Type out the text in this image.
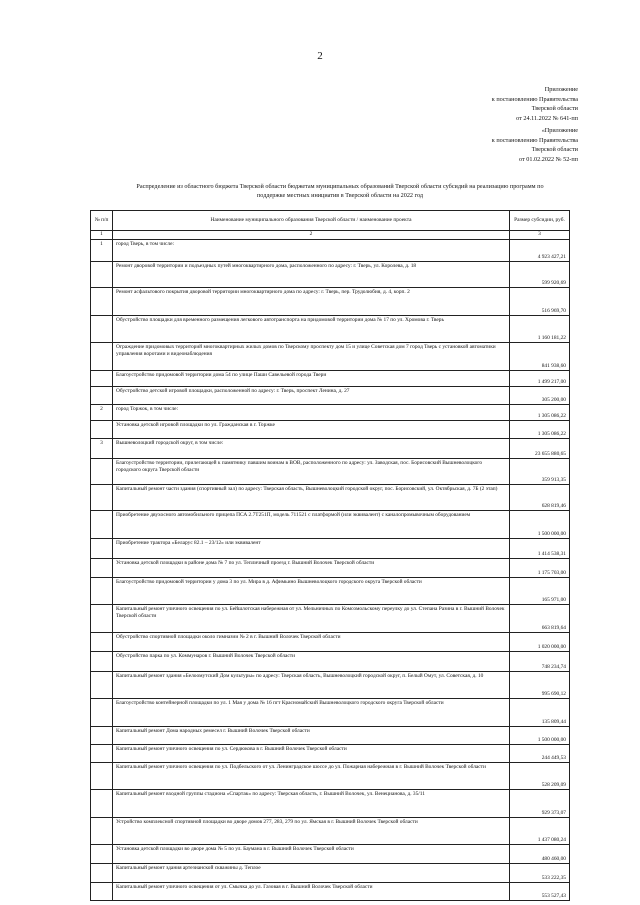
2
Приложение
к постановлению Правительства
Тверской области
от 24.11.2022 № 641-пп
«Приложение
к постановлению Правительства
Тверской области
от 01.02.2022 № 52-пп
Распределение из областного бюджета Тверской области бюджетам муниципальных образований Тверской области субсидий на реализацию программ по
поддержке местных инициатив в Тверской области на 2022 год
№ п/п	Наименование муниципального образования Тверской области / наименование проекта	Размер субсидии, руб.
1	2	3
1	город Тверь, в том числе:	4 923 427,21
	Ремонт дворовой территории и подъездных путей многоквартирного дома, расположенного по адресу: г. Тверь, ул. Королева, д. 18	599 920,69
	Ремонт асфальтового покрытия дворовой территории многоквартирного дома по адресу: г. Тверь, пер. Трудолюбия, д. 4, корп. 2	516 969,70
	Обустройство площадки для временного размещения легкового автотранспорта на придомовой территории дома № 17 по ул. Хромова г. Тверь	1 160 181,22
	Ограждение придомовых территорий многоквартирных жилых домов по Тверскому проспекту дом 15 и улице Советская дом 7 город Тверь с установкой автоматики управления воротами и видеонаблюдения	841 938,60
	Благоустройство придомовой территории дома 54 по улице Паши Савельевой города Твери	1 499 217,00
	Обустройство детской игровой площадки, расположенной по адресу: г. Тверь, проспект Ленина, д. 27	305 200,00
2	город Торжок, в том числе:	1 305 086,22
	Установка детской игровой площадки по ул. Гражданская в г. Торжке	1 305 086,22
3	Вышневолоцкий городской округ, в том числе:	23 655 880,65
	Благоустройство территории, прилегающей к памятнику павшим воинам в ВОВ, расположенного по адресу: ул. Заводская, пос. Борисовский Вышневолоцкого городского округа Тверской области	359 913,35
	Капитальный ремонт части здания (спортивный зал) по адресу: Тверская область, Вышневолоцкий городской округ, пос. Борисовский, ул. Октябрьская, д. 7Б (2 этап)	628 819,46
	Приобретение двухосного автомобильного прицепа ПСА 2.7Т251П, модель 711521 с платформой (или эквивалент) с каналопромывочным оборудованием	1 500 000,00
	Приобретение трактора «Беларус 82.1 – 23/12» или эквивалент	1 414 538,31
	Установка детской площадки в районе дома № 7 по ул. Тепличный проезд г. Вышний Волочек Тверской области	1 175 703,00
	Благоустройство придомовой территории у дома 3 по ул. Мира в д. Афимьино Вышневолоцкого городского округа Тверской области	165 971,00
	Капитальный ремонт уличного освещения по ул. Бейшлотская набережная от ул. Мельничных по Комсомольскому переулку до ул. Степана Разина в г. Вышний Волочек Тверской области	663 819,64
	Обустройство спортивной площадки около гимназии № 2 в г. Вышний Волочек Тверской области	1 020 000,00
	Обустройство парка по ул. Коммунаров г. Вышний Волочек Тверской области	748 234,74
	Капитальный ремонт здания «Белоомутский Дом культуры» по адресу: Тверская область, Вышневолоцкий городской округ, п. Белый Омут, ул. Советская, д. 10	995 690,12
	Благоустройство контейнерной площадки по ул. 1 Мая у дома № 16 пгт Красномайский Вышневолоцкого городского округа Тверской области	135 809,44
	Капитальный ремонт Дома народных ремесел г. Вышний Волочек Тверской области	1 500 000,00
	Капитальный ремонт уличного освещения по ул. Сердюкова в г. Вышний Волочек Тверской области	244 449,53
	Капитальный ремонт уличного освещения по ул. Подбельского от ул. Ленинградское шоссе до ул. Пожарная набережная в г. Вышний Волочек Тверской области	528 209,09
	Капитальный ремонт входной группы стадиона «Спартак» по адресу: Тверская область, г. Вышний Волочек, ул. Венецианова, д. 35/11	929 373,07
	Устройство комплексной спортивной площадки во дворе домов 277, 283, 279 по ул. Ямская в г. Вышний Волочек Тверской области	1 437 080,24
	Установка детской площадки во дворе дома № 5 по ул. Баумана в г. Вышний Волочек Тверской области	480 460,00
	Капитальный ремонт здания артезианской скважины д. Теплое	533 222,35
	Капитальный ремонт уличного освещения от ул. Смычка до ул. Газовая в г. Вышний Волочек Тверской области	553 527,43
